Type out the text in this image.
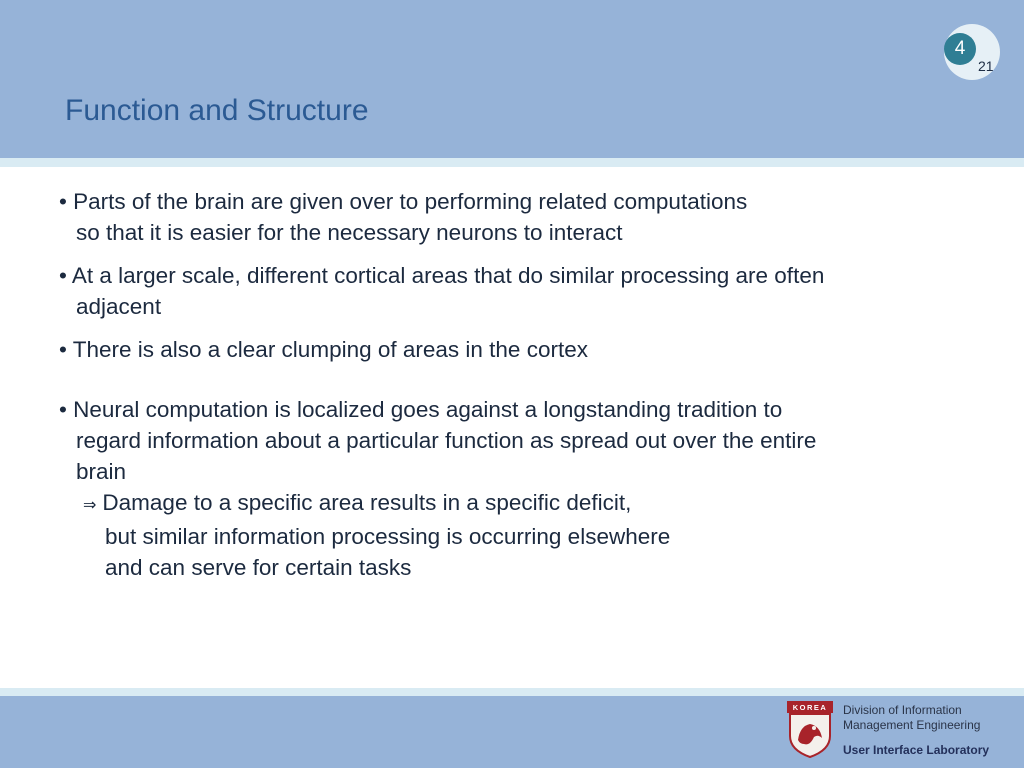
Function and Structure
4
21
• Parts of the brain are given over to performing related computations
so that it is easier for the necessary neurons to interact
• At a larger scale, different cortical areas that do similar processing are often
adjacent
• There is also a clear clumping of areas in the cortex
• Neural computation is localized goes against a longstanding tradition to
regard information about a particular function as spread out over the entire
brain
⇒ Damage to a specific area results in a specific deficit,
but similar information processing is occurring elsewhere
and can serve for certain tasks
KOREA Division of Information
Management Engineering
User Interface Laboratory
